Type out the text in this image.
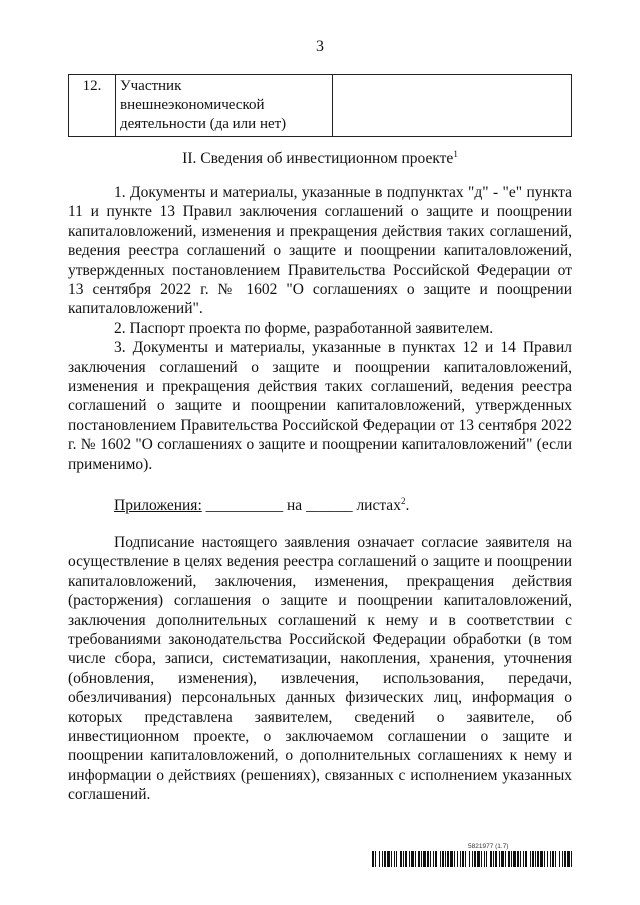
3
12.	Участник внешнеэкономической деятельности (да или нет)	
II. Сведения об инвестиционном проекте$^1$

1. Документы и материалы, указанные в подпунктах "д" - "е" пункта 11 и пункте 13 Правил заключения соглашений о защите и поощрении капиталовложений, изменения и прекращения действия таких соглашений, ведения реестра соглашений о защите и поощрении капиталовложений, утвержденных постановлением Правительства Российской Федерации от 13 сентября 2022 г. № 1602 "О соглашениях о защите и поощрении капиталовложений".

2. Паспорт проекта по форме, разработанной заявителем.

3. Документы и материалы, указанные в пунктах 12 и 14 Правил заключения соглашений о защите и поощрении капиталовложений, изменения и прекращения действия таких соглашений, ведения реестра соглашений о защите и поощрении капиталовложений, утвержденных постановлением Правительства Российской Федерации от 13 сентября 2022 г. № 1602 "О соглашениях о защите и поощрении капиталовложений" (если применимо).

Приложения: __________ на ______ листах$^2$.

Подписание настоящего заявления означает согласие заявителя на осуществление в целях ведения реестра соглашений о защите и поощрении капиталовложений, заключения, изменения, прекращения действия (расторжения) соглашения о защите и поощрении капиталовложений, заключения дополнительных соглашений к нему и в соответствии с требованиями законодательства Российской Федерации обработки (в том числе сбора, записи, систематизации, накопления, хранения, уточнения (обновления, изменения), извлечения, использования, передачи, обезличивания) персональных данных физических лиц, информация о которых представлена заявителем, сведений о заявителе, об инвестиционном проекте, о заключаемом соглашении о защите и поощрении капиталовложений, о дополнительных соглашениях к нему и информации о действиях (решениях), связанных с исполнением указанных соглашений.

5821977 (1.7)
